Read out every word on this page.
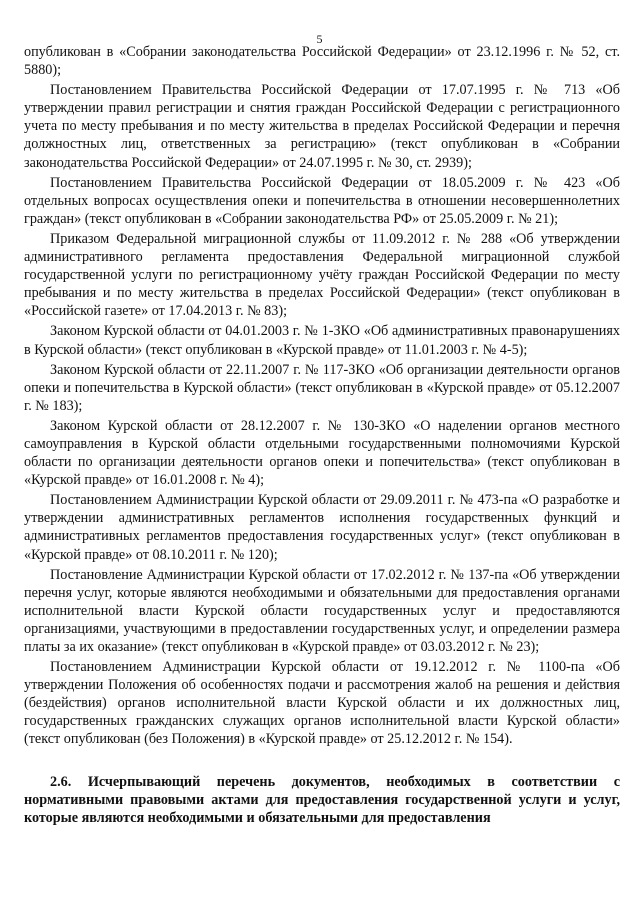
5

опубликован в «Собрании законодательства Российской Федерации» от 23.12.1996 г. № 52, ст. 5880);

Постановлением Правительства Российской Федерации от 17.07.1995 г. № 713 «Об утверждении правил регистрации и снятия граждан Российской Федерации с регистрационного учета по месту пребывания и по месту жительства в пределах Российской Федерации и перечня должностных лиц, ответственных за регистрацию» (текст опубликован в «Собрании законодательства Российской Федерации» от 24.07.1995 г. № 30, ст. 2939);

Постановлением Правительства Российской Федерации от 18.05.2009 г. № 423 «Об отдельных вопросах осуществления опеки и попечительства в отношении несовершеннолетних граждан» (текст опубликован в «Собрании законодательства РФ» от 25.05.2009 г. № 21);

Приказом Федеральной миграционной службы от 11.09.2012 г. № 288 «Об утверждении административного регламента предоставления Федеральной миграционной службой государственной услуги по регистрационному учёту граждан Российской Федерации по месту пребывания и по месту жительства в пределах Российской Федерации» (текст опубликован в «Российской газете» от 17.04.2013 г. № 83);

Законом Курской области от 04.01.2003 г. № 1-ЗКО «Об административных правонарушениях в Курской области» (текст опубликован в «Курской правде» от 11.01.2003 г. № 4-5);

Законом Курской области от 22.11.2007 г. № 117-ЗКО «Об организации деятельности органов опеки и попечительства в Курской области» (текст опубликован в «Курской правде» от 05.12.2007 г. № 183);

Законом Курской области от 28.12.2007 г. № 130-ЗКО «О наделении органов местного самоуправления в Курской области отдельными государственными полномочиями Курской области по организации деятельности органов опеки и попечительства» (текст опубликован в «Курской правде» от 16.01.2008 г. № 4);

Постановлением Администрации Курской области от 29.09.2011 г. № 473-па «О разработке и утверждении административных регламентов исполнения государственных функций и административных регламентов предоставления государственных услуг» (текст опубликован в «Курской правде» от 08.10.2011 г. № 120);

Постановление Администрации Курской области от 17.02.2012 г. № 137-па «Об утверждении перечня услуг, которые являются необходимыми и обязательными для предоставления органами исполнительной власти Курской области государственных услуг и предоставляются организациями, участвующими в предоставлении государственных услуг, и определении размера платы за их оказание» (текст опубликован в «Курской правде» от 03.03.2012 г. № 23);

Постановлением Администрации Курской области от 19.12.2012 г. № 1100-па «Об утверждении Положения об особенностях подачи и рассмотрения жалоб на решения и действия (бездействия) органов исполнительной власти Курской области и их должностных лиц, государственных гражданских служащих органов исполнительной власти Курской области» (текст опубликован (без Положения) в «Курской правде» от 25.12.2012 г. № 154).

2.6. Исчерпывающий перечень документов, необходимых в соответствии с нормативными правовыми актами для предоставления государственной услуги и услуг, которые являются необходимыми и обязательными для предоставления
